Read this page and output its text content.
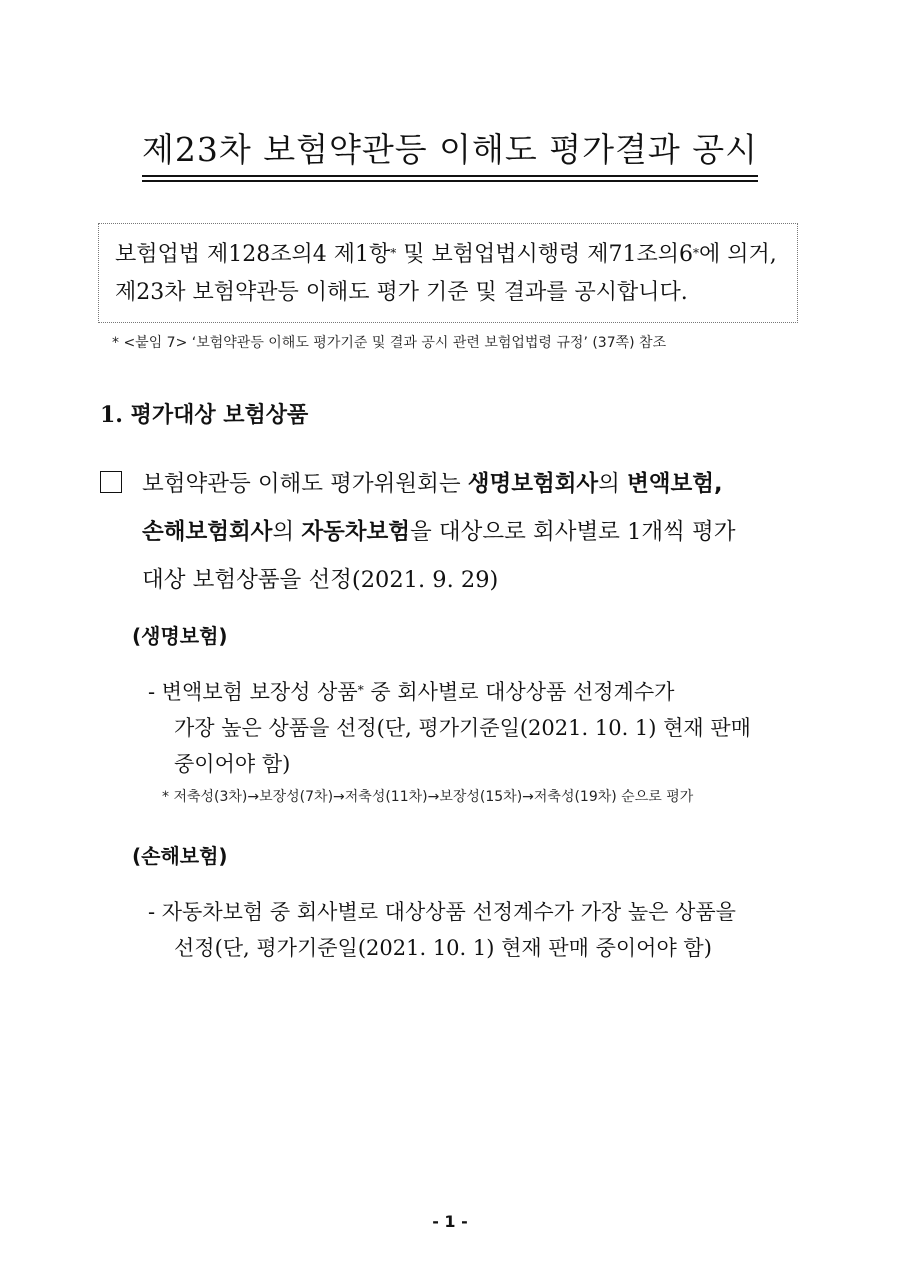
제23차 보험약관등 이해도 평가결과 공시
보험업법 제128조의4 제1항* 및 보험업법시행령 제71조의6*에 의거,
제23차 보험약관등 이해도 평가 기준 및 결과를 공시합니다.
* <붙임 7> ‘보험약관등 이해도 평가기준 및 결과 공시 관련 보험업법령 규정’ (37쪽) 참조
1. 평가대상 보험상품
보험약관등 이해도 평가위원회는 생명보험회사의 변액보험,
손해보험회사의 자동차보험을 대상으로 회사별로 1개씩 평가
대상 보험상품을 선정(2021. 9. 29)
(생명보험)
- 변액보험 보장성 상품* 중 회사별로 대상상품 선정계수가
가장 높은 상품을 선정(단, 평가기준일(2021. 10. 1) 현재 판매
중이어야 함)
* 저축성(3차)→보장성(7차)→저축성(11차)→보장성(15차)→저축성(19차) 순으로 평가
(손해보험)
- 자동차보험 중 회사별로 대상상품 선정계수가 가장 높은 상품을
선정(단, 평가기준일(2021. 10. 1) 현재 판매 중이어야 함)
- 1 -
